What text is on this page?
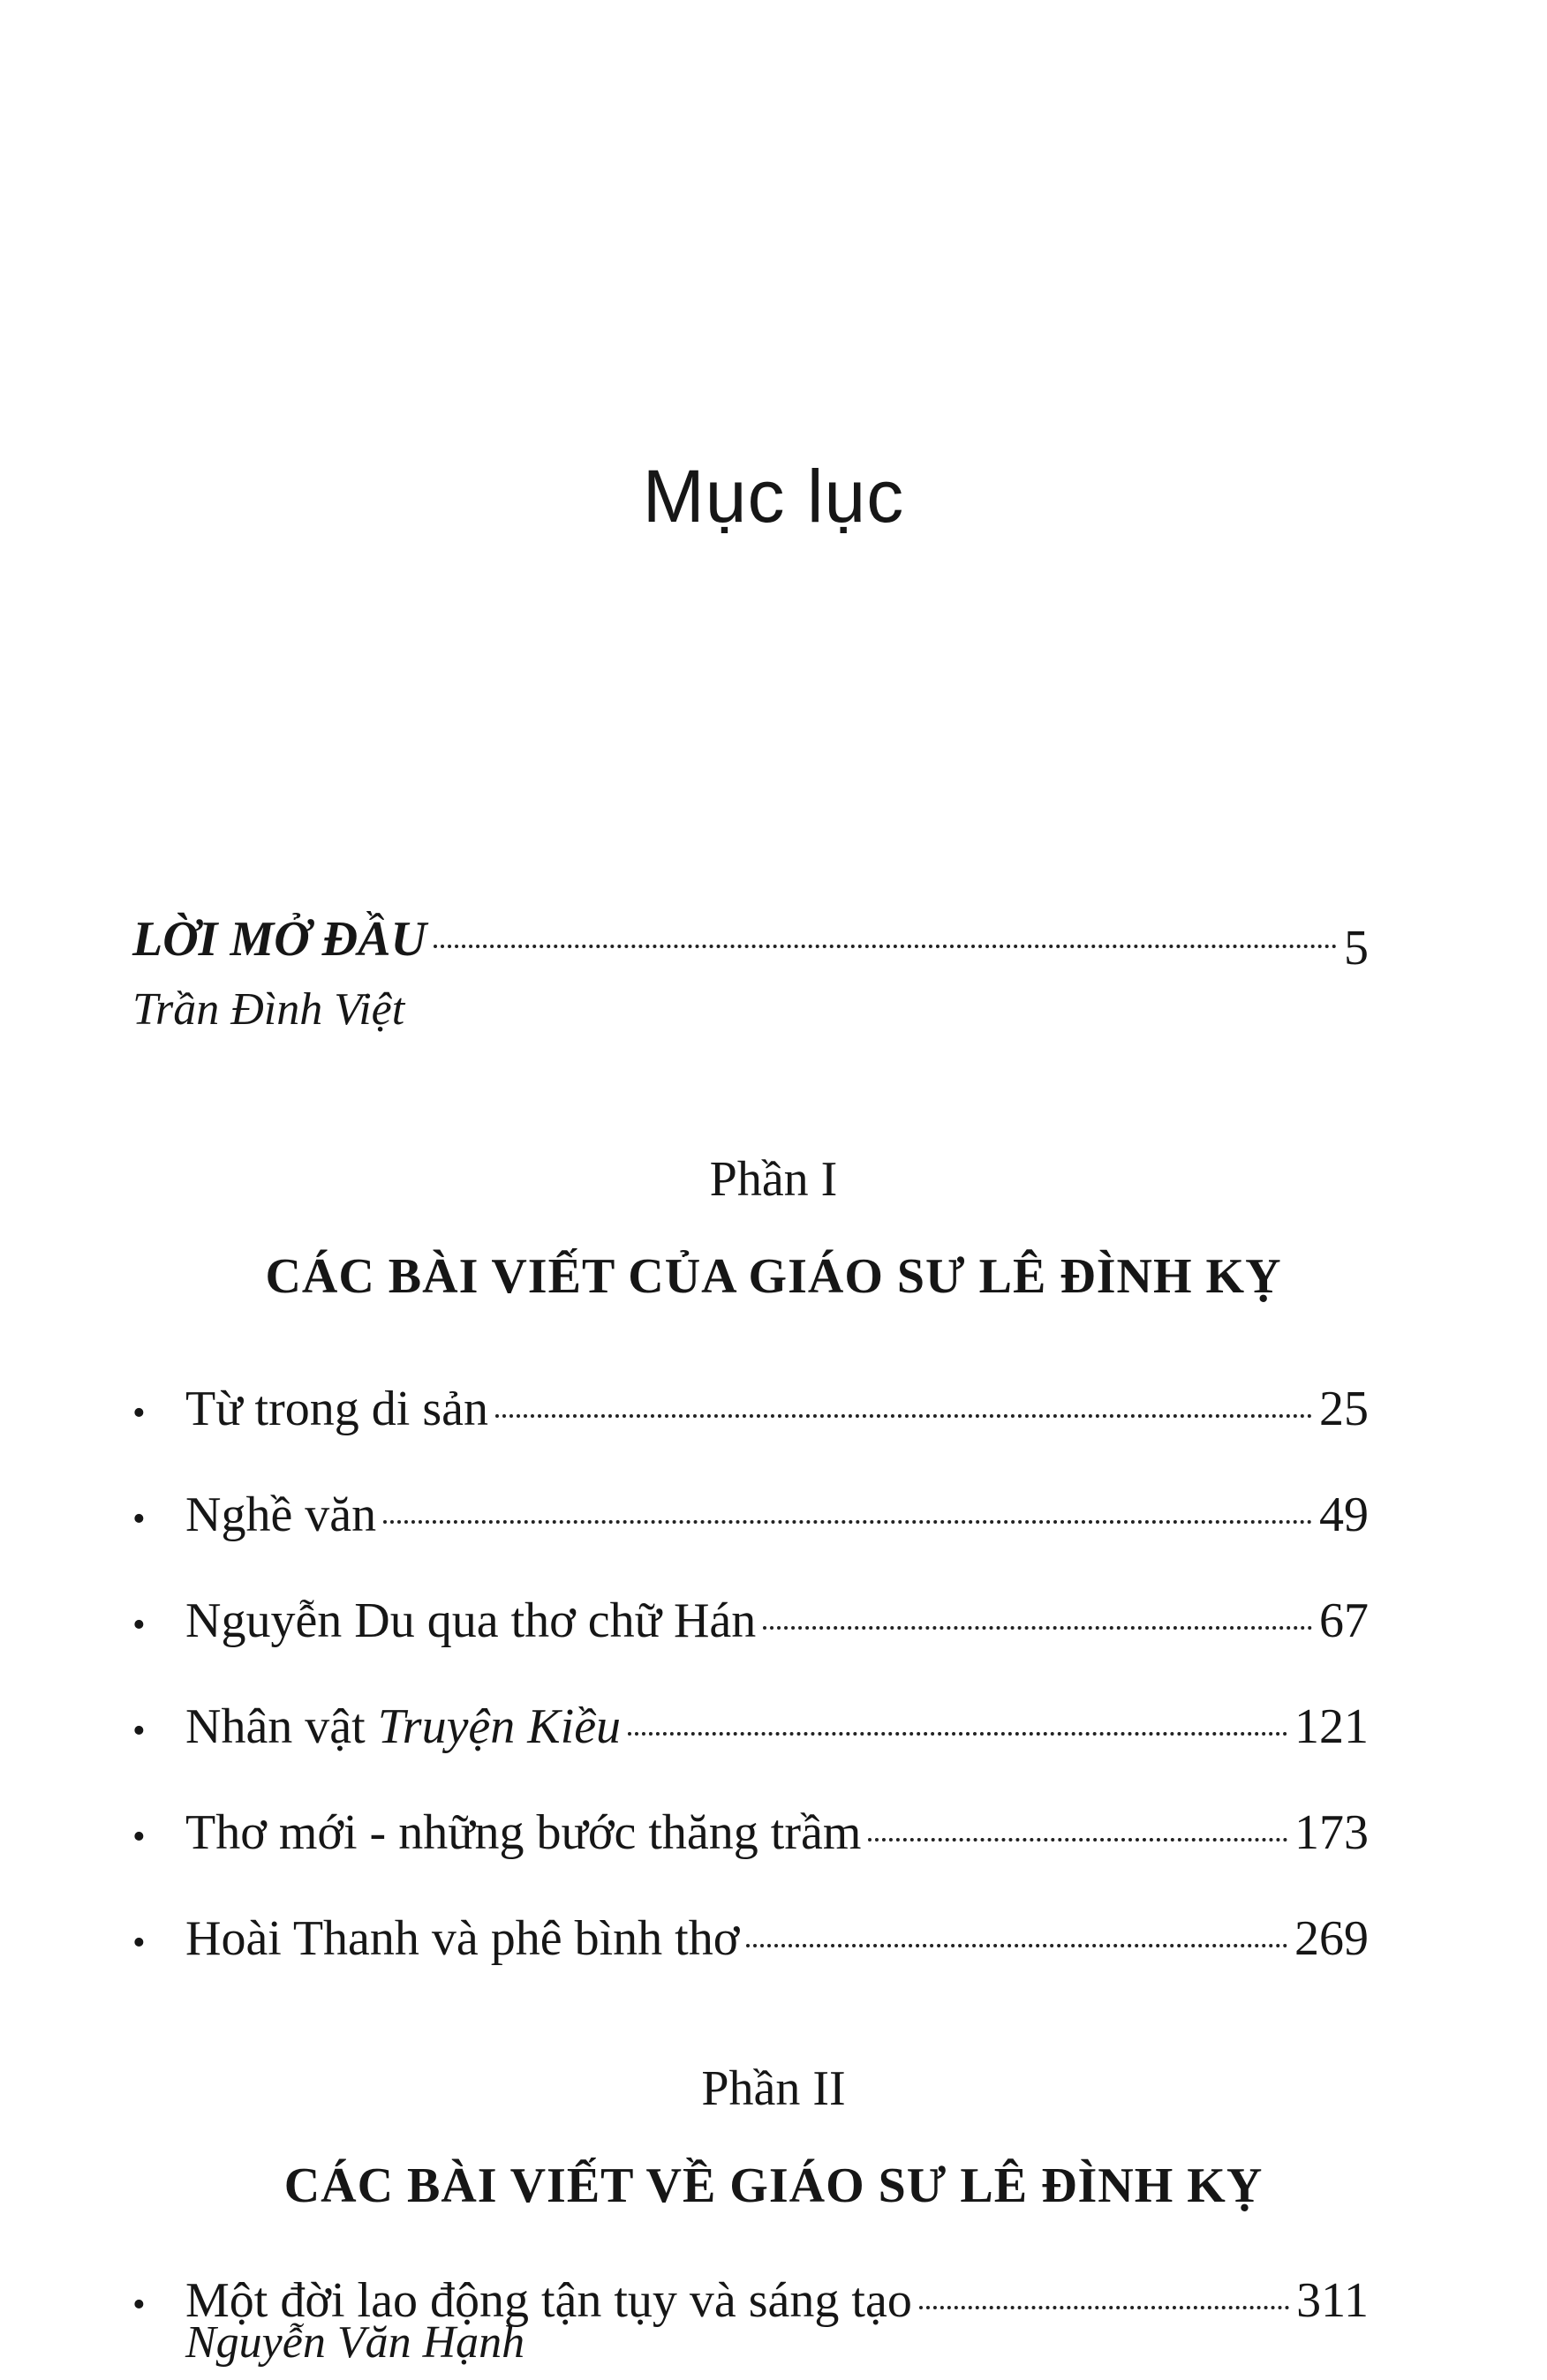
Mục lục
LỜI MỞ ĐẦU	5
Trần Đình Việt
Phần I
CÁC BÀI VIẾT CỦA GIÁO SƯ LÊ ĐÌNH KỴ
• Từ trong di sản	25
• Nghề văn	49
• Nguyễn Du qua thơ chữ Hán	67
• Nhân vật Truyện Kiều	121
• Thơ mới - những bước thăng trầm	173
• Hoài Thanh và phê bình thơ	269
Phần II
CÁC BÀI VIẾT VỀ GIÁO SƯ LÊ ĐÌNH KỴ
• Một đời lao động tận tụy và sáng tạo	311
Nguyễn Văn Hạnh
